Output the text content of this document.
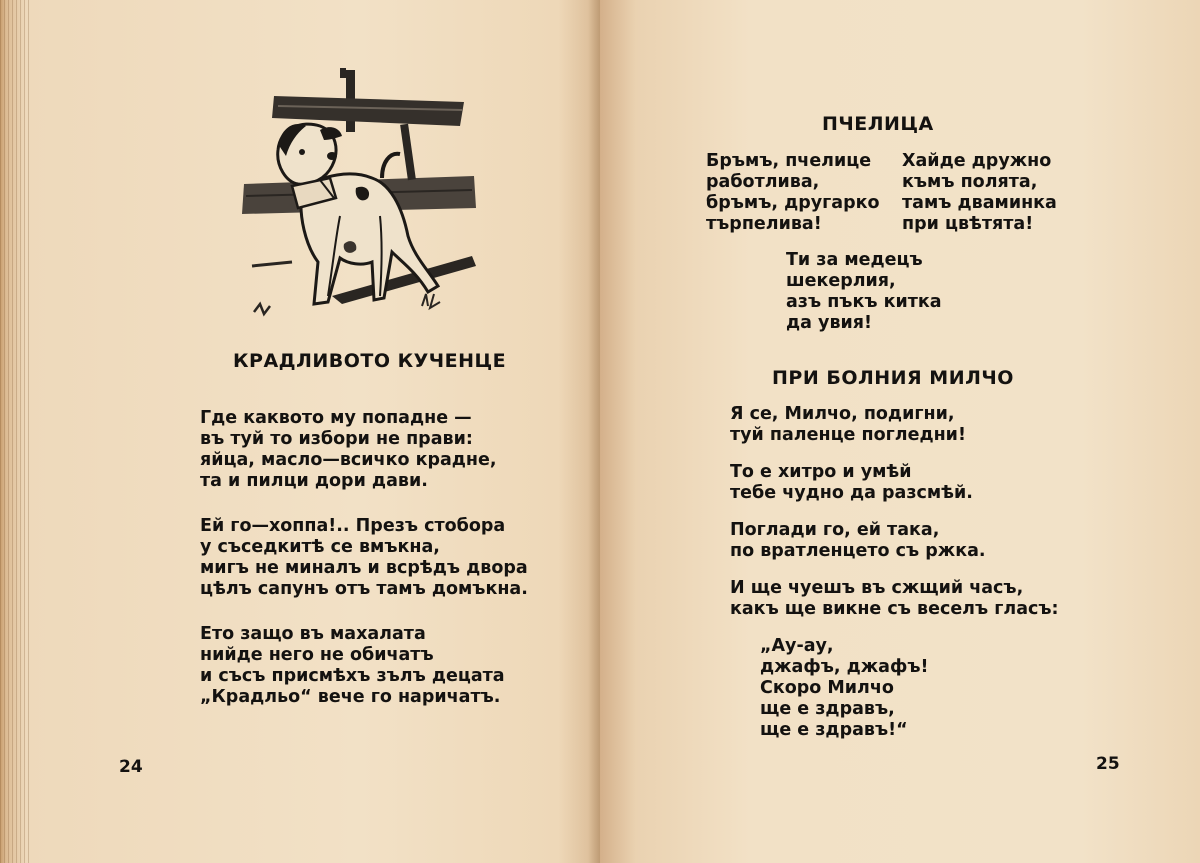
КРАДЛИВОТО КУЧЕНЦЕ
Где каквото му попадне —
въ туй то избори не прави:
яйца, масло—всичко крадне,
та и пилци дори дави.
Ей го—хоппа!.. Презъ стобора
у съседкитѣ се вмъкна,
мигъ не миналъ и всрѣдъ двора
цѣлъ сапунъ отъ тамъ домъкна.
Ето защо въ махалата
нийде него не обичатъ
и съсъ присмѣхъ зълъ децата
„Крадльо“ вече го наричатъ.
24
ПЧЕЛИЦА
Бръмъ, пчелице
работлива,
бръмъ, другарко
търпелива!
Хайде дружно
къмъ полята,
тамъ дваминка
при цвѣтята!
Ти за медецъ
шекерлия,
азъ пъкъ китка
да увия!
ПРИ БОЛНИЯ МИЛЧО
Я се, Милчо, подигни,
туй паленце погледни!
То е хитро и умѣй
тебе чудно да разсмѣй.
Поглади го, ей така,
по вратленцето съ ржка.
И ще чуешъ въ сжщий часъ,
какъ ще викне съ веселъ гласъ:
„Ау-ау,
джафъ, джафъ!
Скоро Милчо
ще е здравъ,
ще е здравъ!“
25
